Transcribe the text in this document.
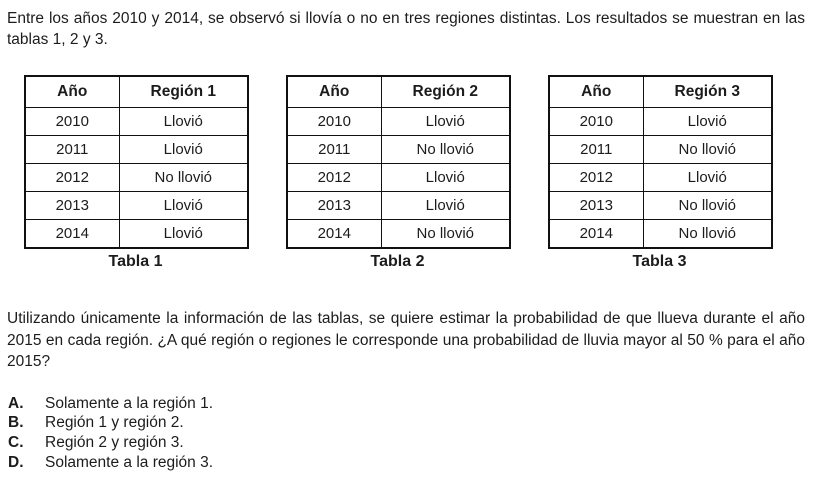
Entre los años 2010 y 2014, se observó si llovía o no en tres regiones distintas. Los resultados se muestran en las tablas 1, 2 y 3.

Año	Región 1
2010	Llovió
2011	Llovió
2012	No llovió
2013	Llovió
2014	Llovió
Tabla 1
Año	Región 2
2010	Llovió
2011	No llovió
2012	Llovió
2013	Llovió
2014	No llovió
Tabla 2
Año	Región 3
2010	Llovió
2011	No llovió
2012	Llovió
2013	No llovió
2014	No llovió
Tabla 3

Utilizando únicamente la información de las tablas, se quiere estimar la probabilidad de que llueva durante el año 2015 en cada región. ¿A qué región o regiones le corresponde una probabilidad de lluvia mayor al 50 % para el año 2015?

A.	Solamente a la región 1.
B.	Región 1 y región 2.
C.	Región 2 y región 3.
D.	Solamente a la región 3.
